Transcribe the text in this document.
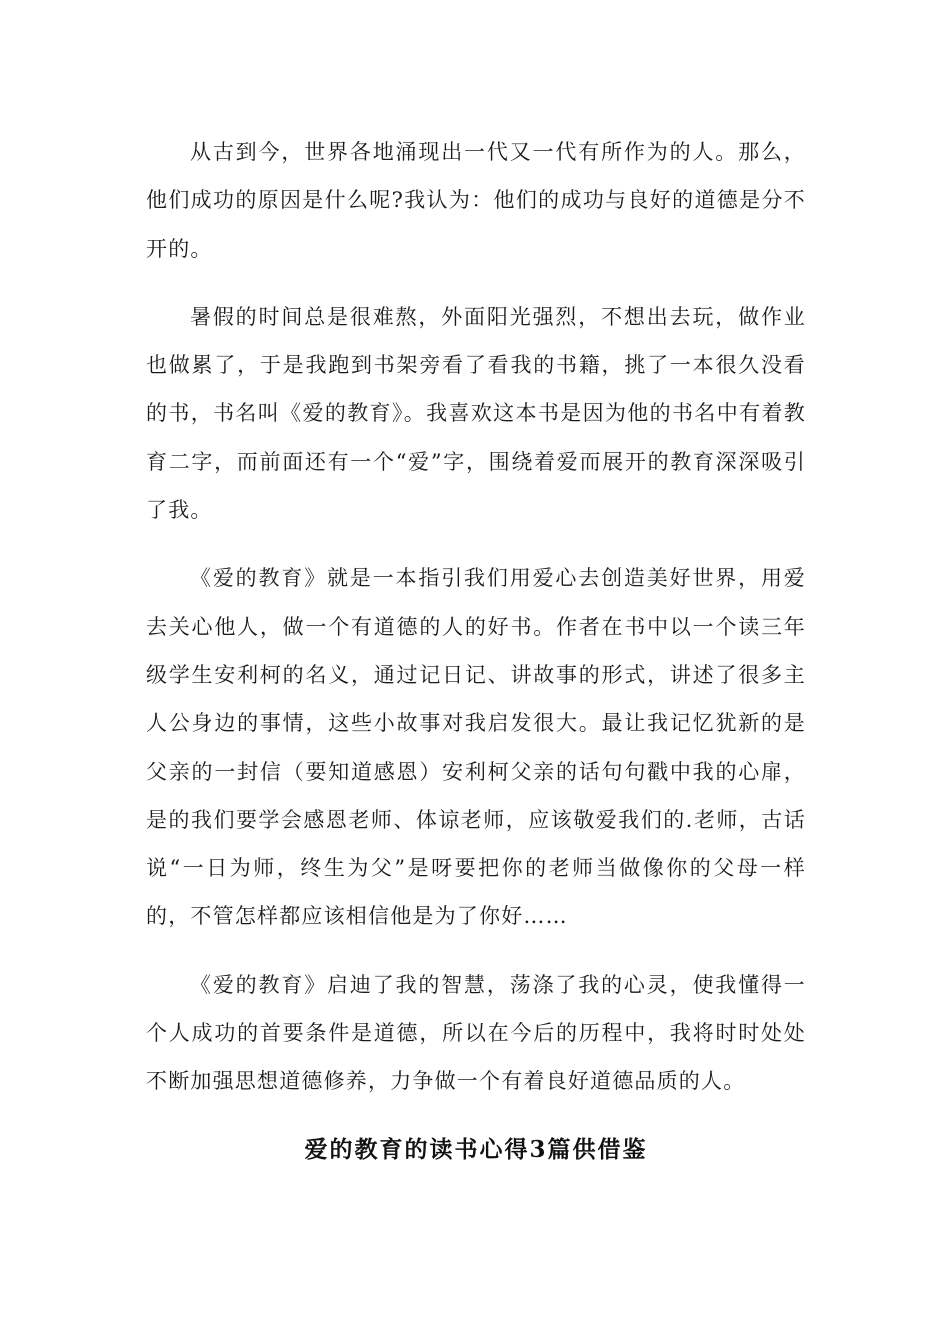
从古到今，世界各地涌现出一代又一代有所作为的人。那么，他们成功的原因是什么呢?我认为：他们的成功与良好的道德是分不开的。

暑假的时间总是很难熬，外面阳光强烈，不想出去玩，做作业也做累了，于是我跑到书架旁看了看我的书籍，挑了一本很久没看的书，书名叫《爱的教育》。我喜欢这本书是因为他的书名中有着教育二字，而前面还有一个“爱”字，围绕着爱而展开的教育深深吸引了我。

《爱的教育》就是一本指引我们用爱心去创造美好世界，用爱去关心他人，做一个有道德的人的好书。作者在书中以一个读三年级学生安利柯的名义，通过记日记、讲故事的形式，讲述了很多主人公身边的事情，这些小故事对我启发很大。最让我记忆犹新的是父亲的一封信（要知道感恩）安利柯父亲的话句句戳中我的心扉，是的我们要学会感恩老师、体谅老师，应该敬爱我们的.老师，古话说“一日为师，终生为父”是呀要把你的老师当做像你的父母一样的，不管怎样都应该相信他是为了你好……

《爱的教育》启迪了我的智慧，荡涤了我的心灵，使我懂得一个人成功的首要条件是道德，所以在今后的历程中，我将时时处处不断加强思想道德修养，力争做一个有着良好道德品质的人。

爱的教育的读书心得3篇供借鉴
